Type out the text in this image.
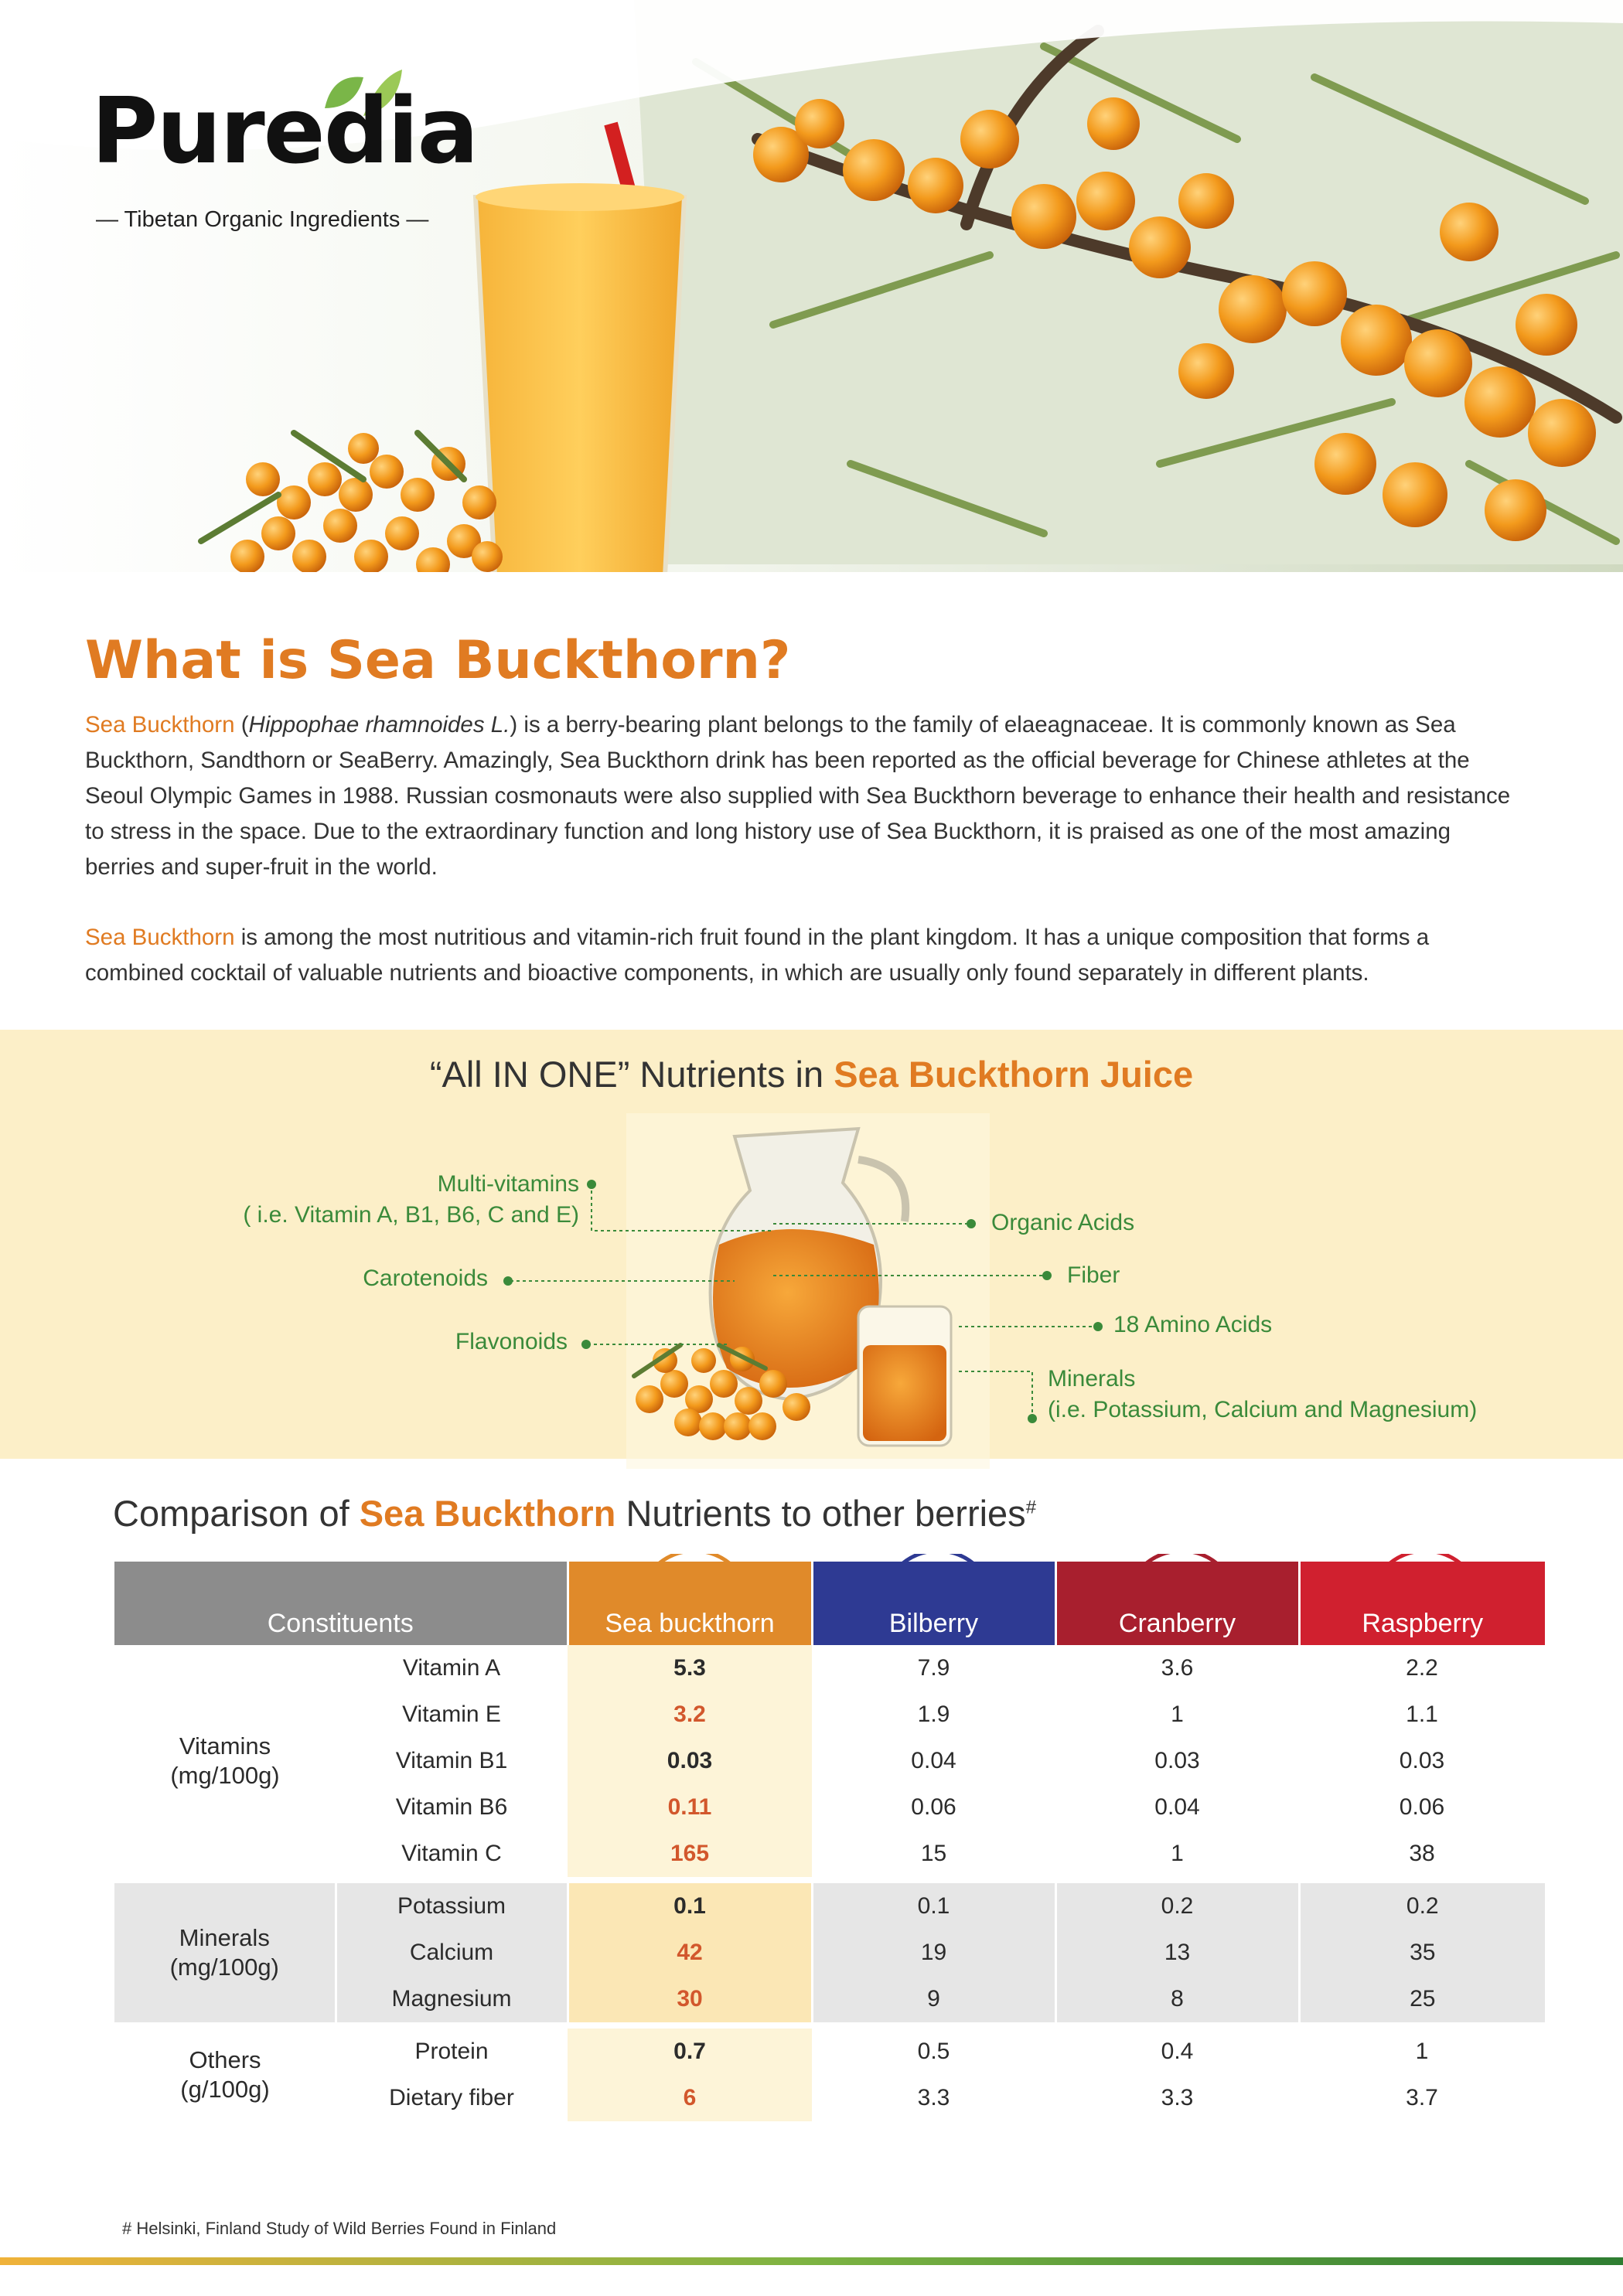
Puredia
— Tibetan Organic Ingredients —
What is Sea Buckthorn?
Sea Buckthorn (Hippophae rhamnoides L.) is a berry-bearing plant belongs to the family of elaeagnaceae. It is commonly known as Sea Buckthorn, Sandthorn or SeaBerry. Amazingly, Sea Buckthorn drink has been reported as the official beverage for Chinese athletes at the Seoul Olympic Games in 1988. Russian cosmonauts were also supplied with Sea Buckthorn beverage to enhance their health and resistance to stress in the space. Due to the extraordinary function and long history use of Sea Buckthorn, it is praised as one of the most amazing berries and super-fruit in the world.
Sea Buckthorn is among the most nutritious and vitamin-rich fruit found in the plant kingdom. It has a unique composition that forms a combined cocktail of valuable nutrients and bioactive components, in which are usually only found separately in different plants.
“All IN ONE” Nutrients in Sea Buckthorn Juice
Multi-vitamins
( i.e. Vitamin A, B1, B6, C and E)
Carotenoids
Flavonoids
Organic Acids
Fiber
18 Amino Acids
Minerals
(i.e. Potassium, Calcium and Magnesium)
Comparison of Sea Buckthorn Nutrients to other berries#
Constituents		Sea buckthorn	Bilberry	Cranberry	Raspberry
Vitamins
(mg/100g)	Vitamin A	5.3	7.9	3.6	2.2
	Vitamin E	3.2	1.9	1	1.1
	Vitamin B1	0.03	0.04	0.03	0.03
	Vitamin B6	0.11	0.06	0.04	0.06
	Vitamin C	165	15	1	38
Minerals
(mg/100g)	Potassium	0.1	0.1	0.2	0.2
	Calcium	42	19	13	35
	Magnesium	30	9	8	25
Others
(g/100g)	Protein	0.7	0.5	0.4	1
	Dietary fiber	6	3.3	3.3	3.7
# Helsinki, Finland Study of Wild Berries Found in Finland
